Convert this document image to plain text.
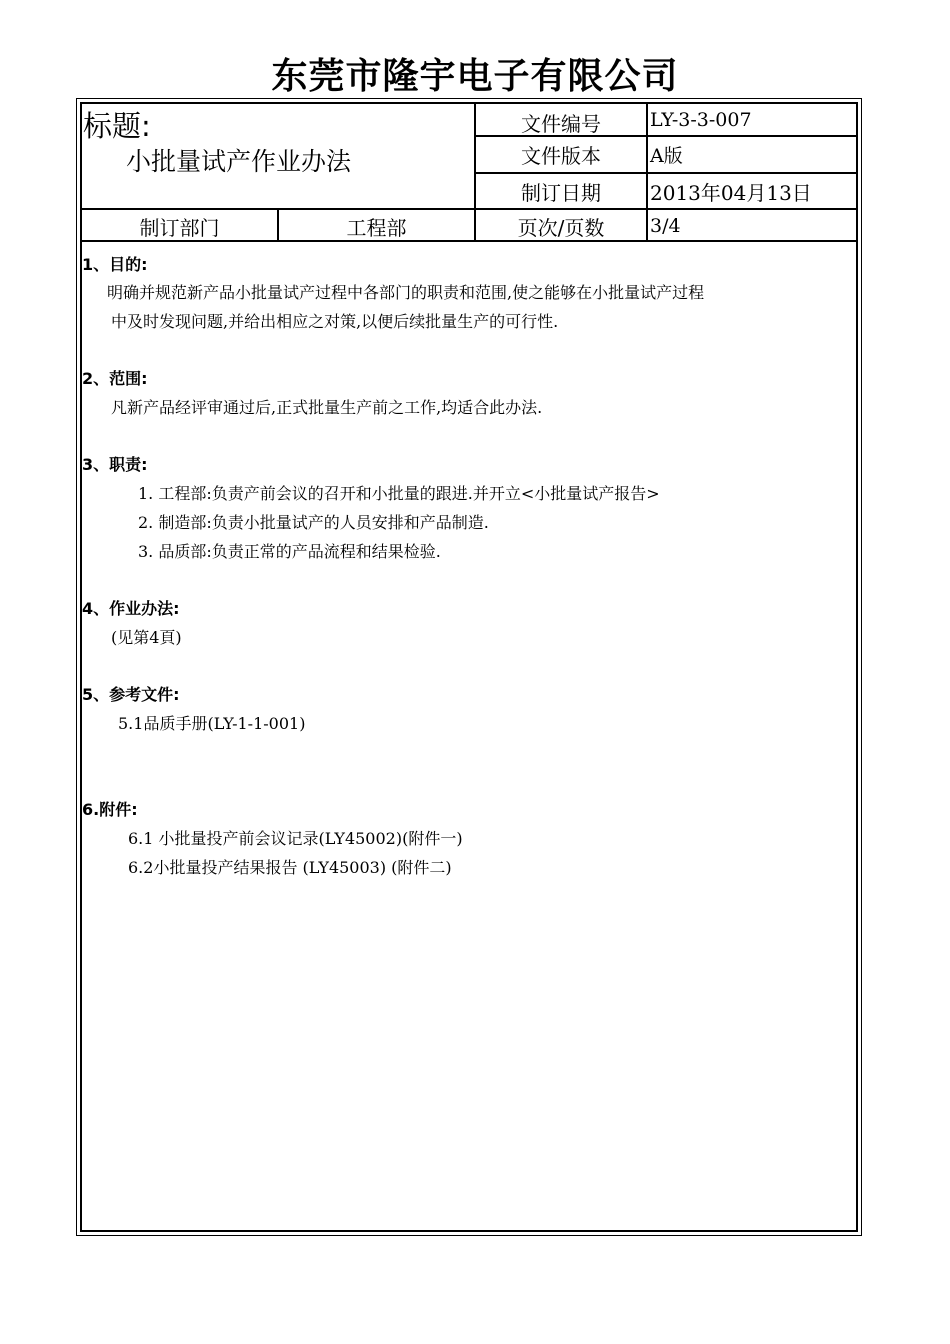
东莞市隆宇电子有限公司
标题:
小批量试产作业办法
文件编号	LY-3-3-007
文件版本	A版
制订日期	2013年04月13日
制订部门	工程部	页次/页数	3/4
1、目的:
明确并规范新产品小批量试产过程中各部门的职责和范围,使之能够在小批量试产过程
中及时发现问题,并给出相应之对策,以便后续批量生产的可行性.
2、范围:
凡新产品经评审通过后,正式批量生产前之工作,均适合此办法.
3、职责:
1. 工程部:负责产前会议的召开和小批量的跟进.并开立<小批量试产报告>
2. 制造部:负责小批量试产的人员安排和产品制造.
3. 品质部:负责正常的产品流程和结果检验.
4、作业办法:
(见第4頁)
5、参考文件:
5.1品质手册(LY-1-1-001)
6.附件:
6.1 小批量投产前会议记录(LY45002)(附件一)
6.2小批量投产结果报告 (LY45003) (附件二)
